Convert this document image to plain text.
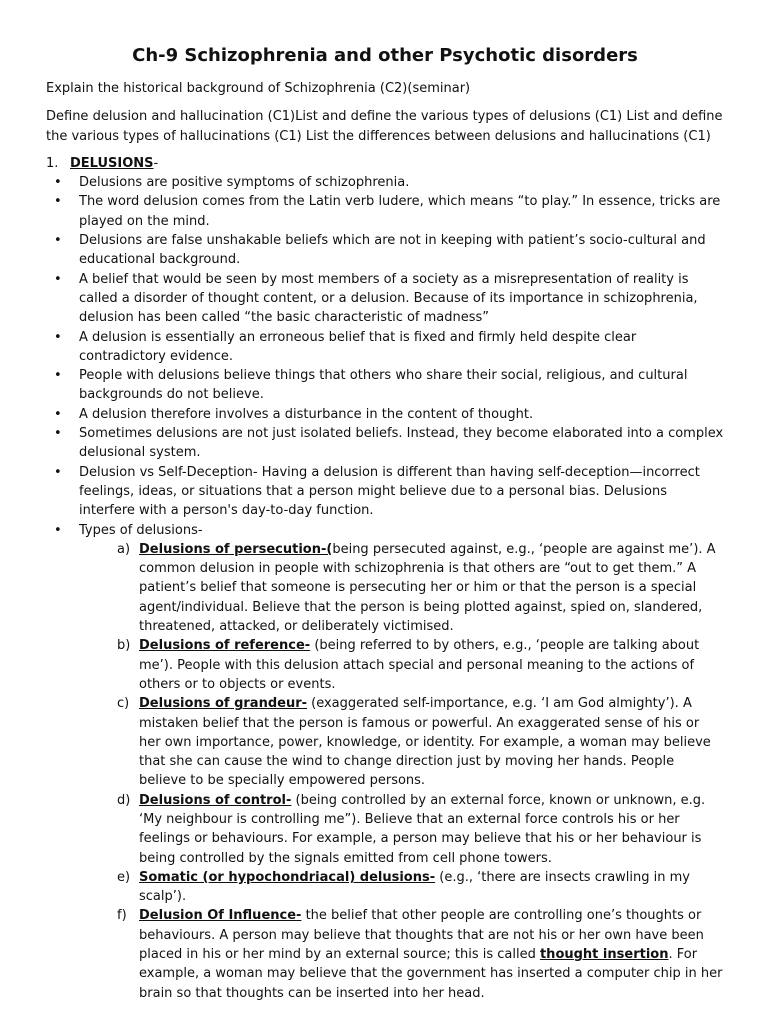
Ch-9 Schizophrenia and other Psychotic disorders

Explain the historical background of Schizophrenia (C2)(seminar)

Define delusion and hallucination (C1)List and define the various types of delusions (C1) List and define the various types of hallucinations (C1) List the differences between delusions and hallucinations (C1)

1. DELUSIONS-
• Delusions are positive symptoms of schizophrenia.
• The word delusion comes from the Latin verb ludere, which means “to play.” In essence, tricks are played on the mind.
• Delusions are false unshakable beliefs which are not in keeping with patient’s socio-cultural and educational background.
• A belief that would be seen by most members of a society as a misrepresentation of reality is called a disorder of thought content, or a delusion. Because of its importance in schizophrenia, delusion has been called “the basic characteristic of madness”
• A delusion is essentially an erroneous belief that is fixed and firmly held despite clear contradictory evidence.
• People with delusions believe things that others who share their social, religious, and cultural backgrounds do not believe.
• A delusion therefore involves a disturbance in the content of thought.
• Sometimes delusions are not just isolated beliefs. Instead, they become elaborated into a complex delusional system.
• Delusion vs Self-Deception- Having a delusion is different than having self-deception—incorrect feelings, ideas, or situations that a person might believe due to a personal bias. Delusions interfere with a person's day-to-day function.
• Types of delusions-
a) Delusions of persecution-(being persecuted against, e.g., ‘people are against me’). A common delusion in people with schizophrenia is that others are “out to get them.” A patient’s belief that someone is persecuting her or him or that the person is a special agent/individual. Believe that the person is being plotted against, spied on, slandered, threatened, attacked, or deliberately victimised.
b) Delusions of reference- (being referred to by others, e.g., ‘people are talking about me’). People with this delusion attach special and personal meaning to the actions of others or to objects or events.
c) Delusions of grandeur- (exaggerated self-importance, e.g. ‘I am God almighty’). A mistaken belief that the person is famous or powerful. An exaggerated sense of his or her own importance, power, knowledge, or identity. For example, a woman may believe that she can cause the wind to change direction just by moving her hands. People believe to be specially empowered persons.
d) Delusions of control- (being controlled by an external force, known or unknown, e.g. ‘My neighbour is controlling me”). Believe that an external force controls his or her feelings or behaviours. For example, a person may believe that his or her behaviour is being controlled by the signals emitted from cell phone towers.
e) Somatic (or hypochondriacal) delusions- (e.g., ‘there are insects crawling in my scalp’).
f) Delusion Of Influence- the belief that other people are controlling one’s thoughts or behaviours. A person may believe that thoughts that are not his or her own have been placed in his or her mind by an external source; this is called thought insertion. For example, a woman may believe that the government has inserted a computer chip in her brain so that thoughts can be inserted into her head.
